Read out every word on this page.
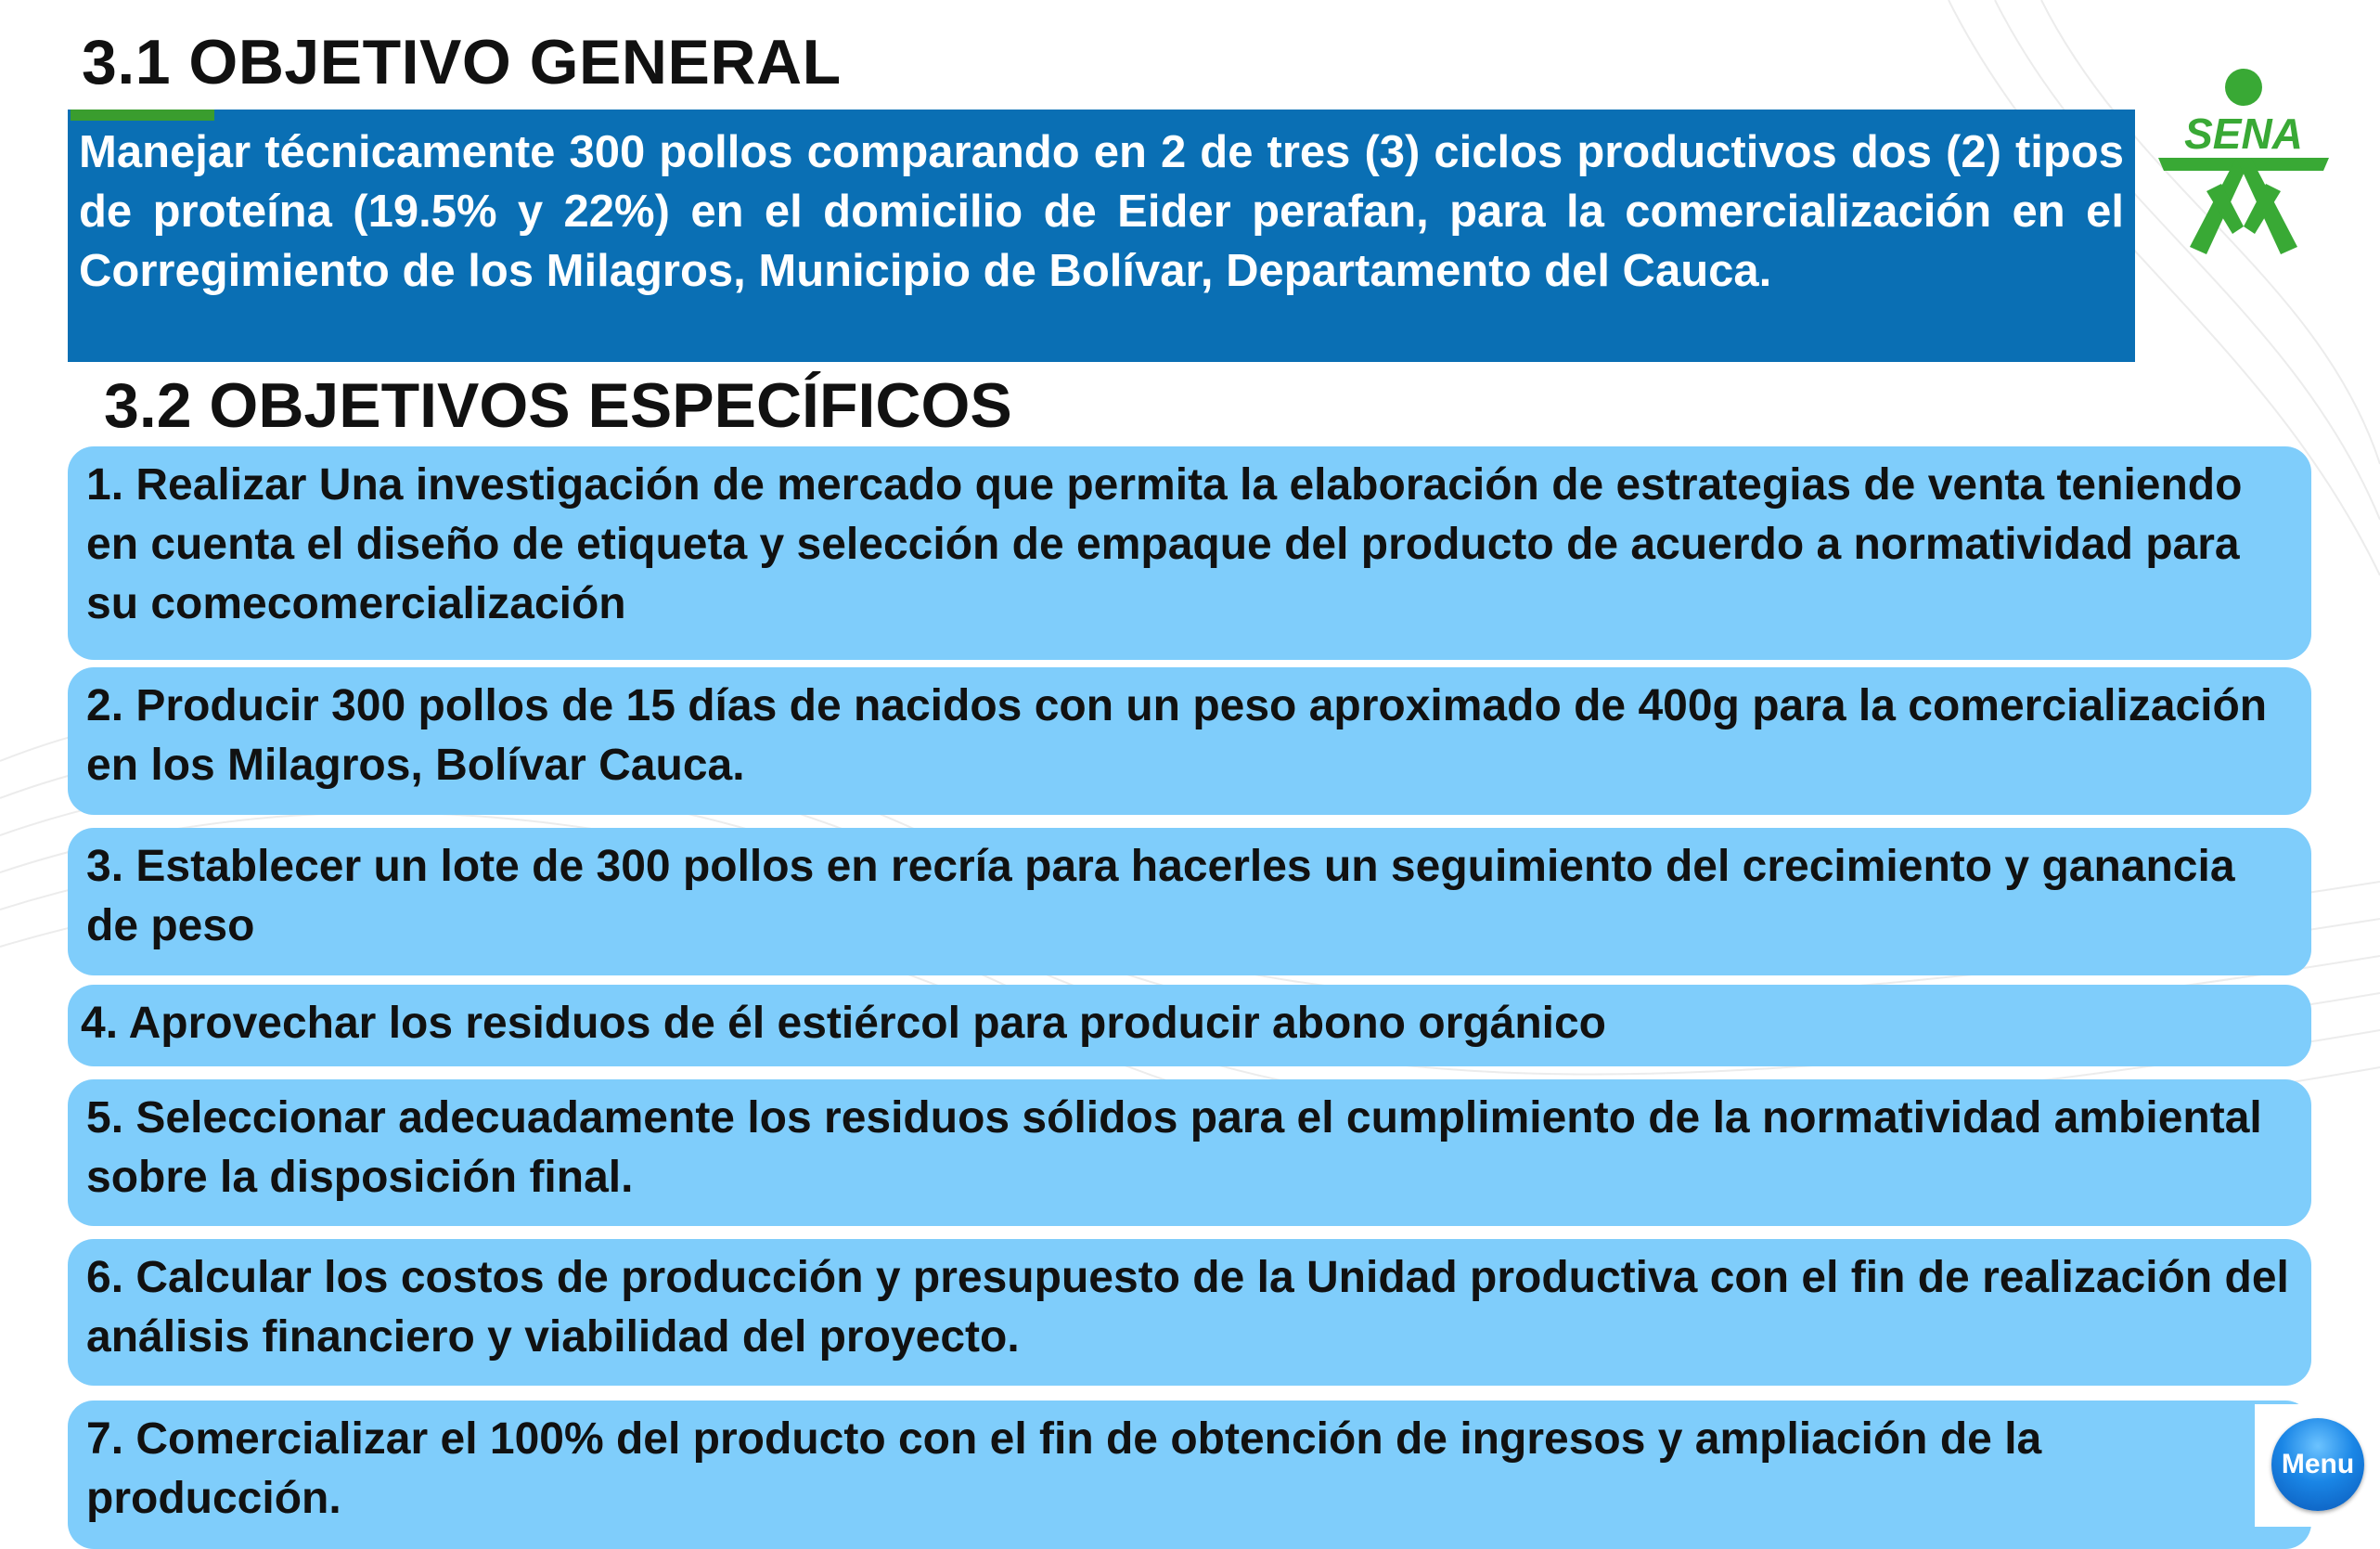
3.1 OBJETIVO GENERAL
Manejar técnicamente 300 pollos comparando en 2 de tres (3) ciclos productivos dos (2) tipos de proteína (19.5% y 22%) en el domicilio de Eider perafan, para la comercialización en el Corregimiento de los Milagros, Municipio de Bolívar, Departamento del Cauca.
SENA
3.2 OBJETIVOS ESPECÍFICOS
1. Realizar Una investigación de mercado que permita la elaboración de estrategias de venta teniendo en cuenta el diseño de etiqueta y selección de empaque del producto de acuerdo a normatividad para su comecomercialización
2. Producir 300 pollos de 15 días de nacidos con un peso aproximado de 400g para la comercialización en los Milagros, Bolívar Cauca.
3. Establecer un lote de 300 pollos en recría para hacerles un seguimiento del crecimiento y ganancia de peso
4. Aprovechar los residuos de él estiércol para producir abono orgánico
5. Seleccionar adecuadamente los residuos sólidos para el cumplimiento de la normatividad ambiental sobre la disposición final.
6. Calcular los costos de producción y presupuesto de la Unidad productiva con el fin de realización del análisis financiero y viabilidad del proyecto.
7. Comercializar el 100% del producto con el fin de obtención de ingresos y ampliación de la producción.
Menu
